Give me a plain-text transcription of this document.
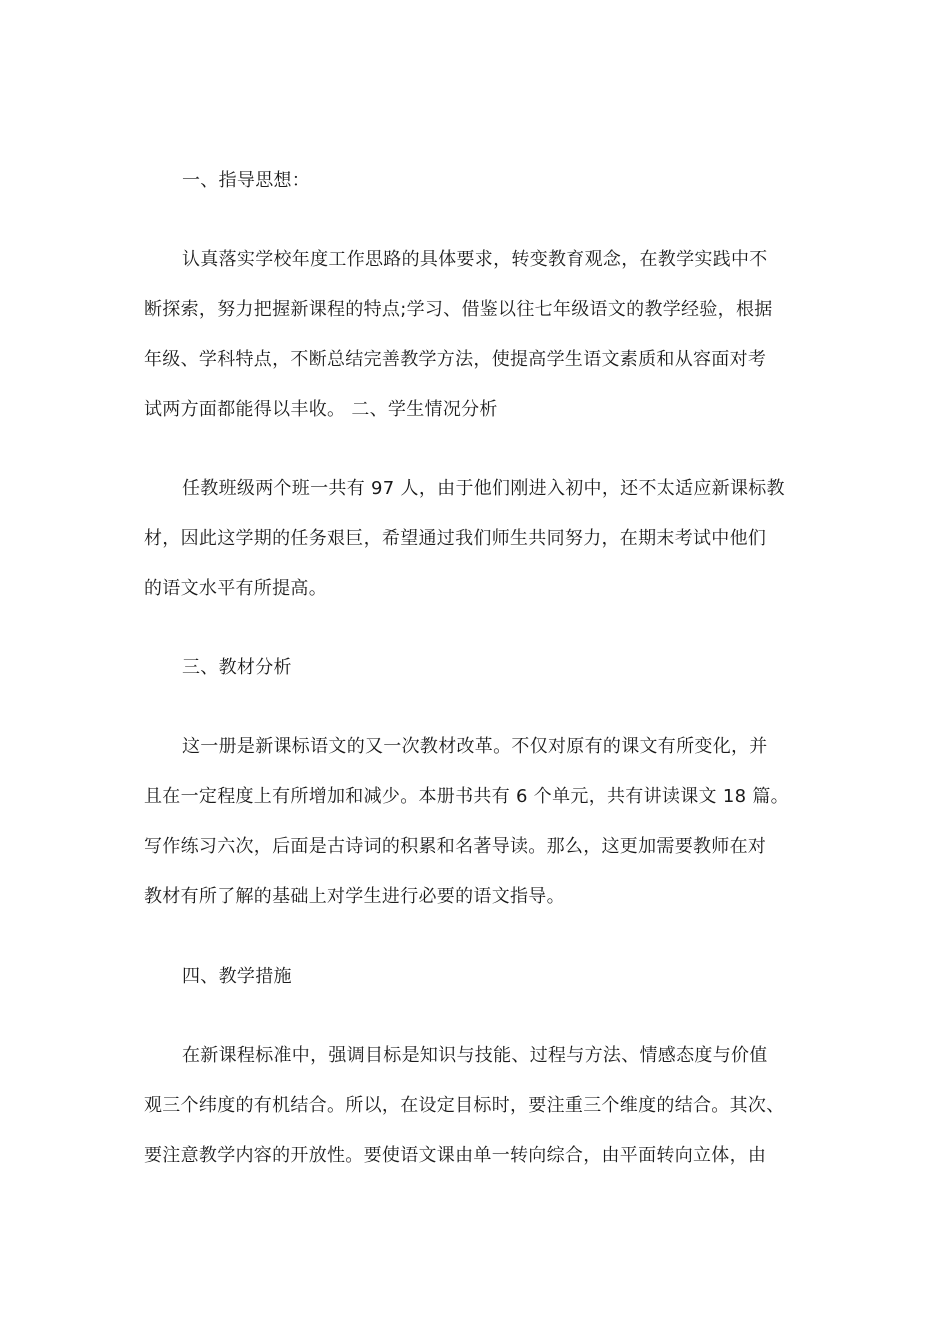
一、指导思想：
认真落实学校年度工作思路的具体要求，转变教育观念，在教学实践中不
断探索，努力把握新课程的特点;学习、借鉴以往七年级语文的教学经验，根据
年级、学科特点，不断总结完善教学方法，使提高学生语文素质和从容面对考
试两方面都能得以丰收。 二、学生情况分析
任教班级两个班一共有 97 人，由于他们刚进入初中，还不太适应新课标教
材，因此这学期的任务艰巨，希望通过我们师生共同努力，在期末考试中他们
的语文水平有所提高。
三、教材分析
这一册是新课标语文的又一次教材改革。不仅对原有的课文有所变化，并
且在一定程度上有所增加和减少。本册书共有 6 个单元，共有讲读课文 18 篇。
写作练习六次，后面是古诗词的积累和名著导读。那么，这更加需要教师在对
教材有所了解的基础上对学生进行必要的语文指导。
四、教学措施
在新课程标准中，强调目标是知识与技能、过程与方法、情感态度与价值
观三个纬度的有机结合。所以，在设定目标时，要注重三个维度的结合。其次、
要注意教学内容的开放性。要使语文课由单一转向综合，由平面转向立体，由
